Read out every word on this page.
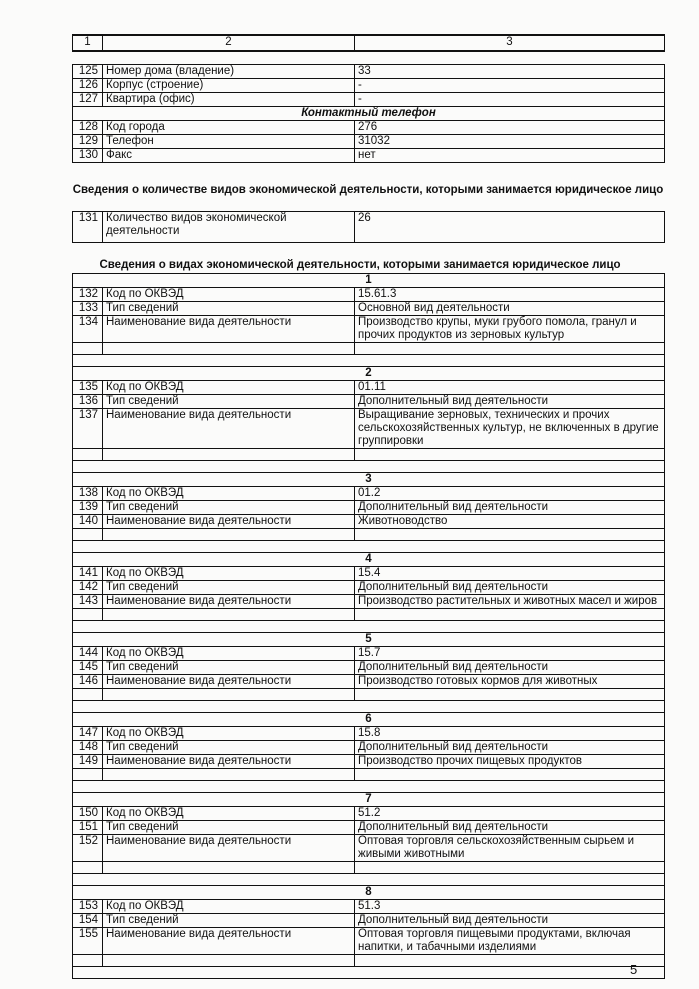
1	2	3
125	Номер дома (владение)	33
126	Корпус (строение)	-
127	Квартира (офис)	-
Контактный телефон		
128	Код города	276
129	Телефон	31032
130	Факс	нет
Сведения о количестве видов экономической деятельности, которыми занимается юридическое лицо
131	Количество видов экономической деятельности	26
Сведения о видах экономической деятельности, которыми занимается юридическое лицо
1		
132	Код по ОКВЭД	15.61.3
133	Тип сведений	Основной вид деятельности
134	Наименование вида деятельности	Производство крупы, муки грубого помола, гранул и прочих продуктов из зерновых культур

2		
135	Код по ОКВЭД	01.11
136	Тип сведений	Дополнительный вид деятельности
137	Наименование вида деятельности	Выращивание зерновых, технических и прочих сельскохозяйственных культур, не включенных в другие группировки

3		
138	Код по ОКВЭД	01.2
139	Тип сведений	Дополнительный вид деятельности
140	Наименование вида деятельности	Животноводство

4		
141	Код по ОКВЭД	15.4
142	Тип сведений	Дополнительный вид деятельности
143	Наименование вида деятельности	Производство растительных и животных масел и жиров

5		
144	Код по ОКВЭД	15.7
145	Тип сведений	Дополнительный вид деятельности
146	Наименование вида деятельности	Производство готовых кормов для животных

6		
147	Код по ОКВЭД	15.8
148	Тип сведений	Дополнительный вид деятельности
149	Наименование вида деятельности	Производство прочих пищевых продуктов

7		
150	Код по ОКВЭД	51.2
151	Тип сведений	Дополнительный вид деятельности
152	Наименование вида деятельности	Оптовая торговля сельскохозяйственным сырьем и живыми животными

8		
153	Код по ОКВЭД	51.3
154	Тип сведений	Дополнительный вид деятельности
155	Наименование вида деятельности	Оптовая торговля пищевыми продуктами, включая напитки, и табачными изделиями

5
